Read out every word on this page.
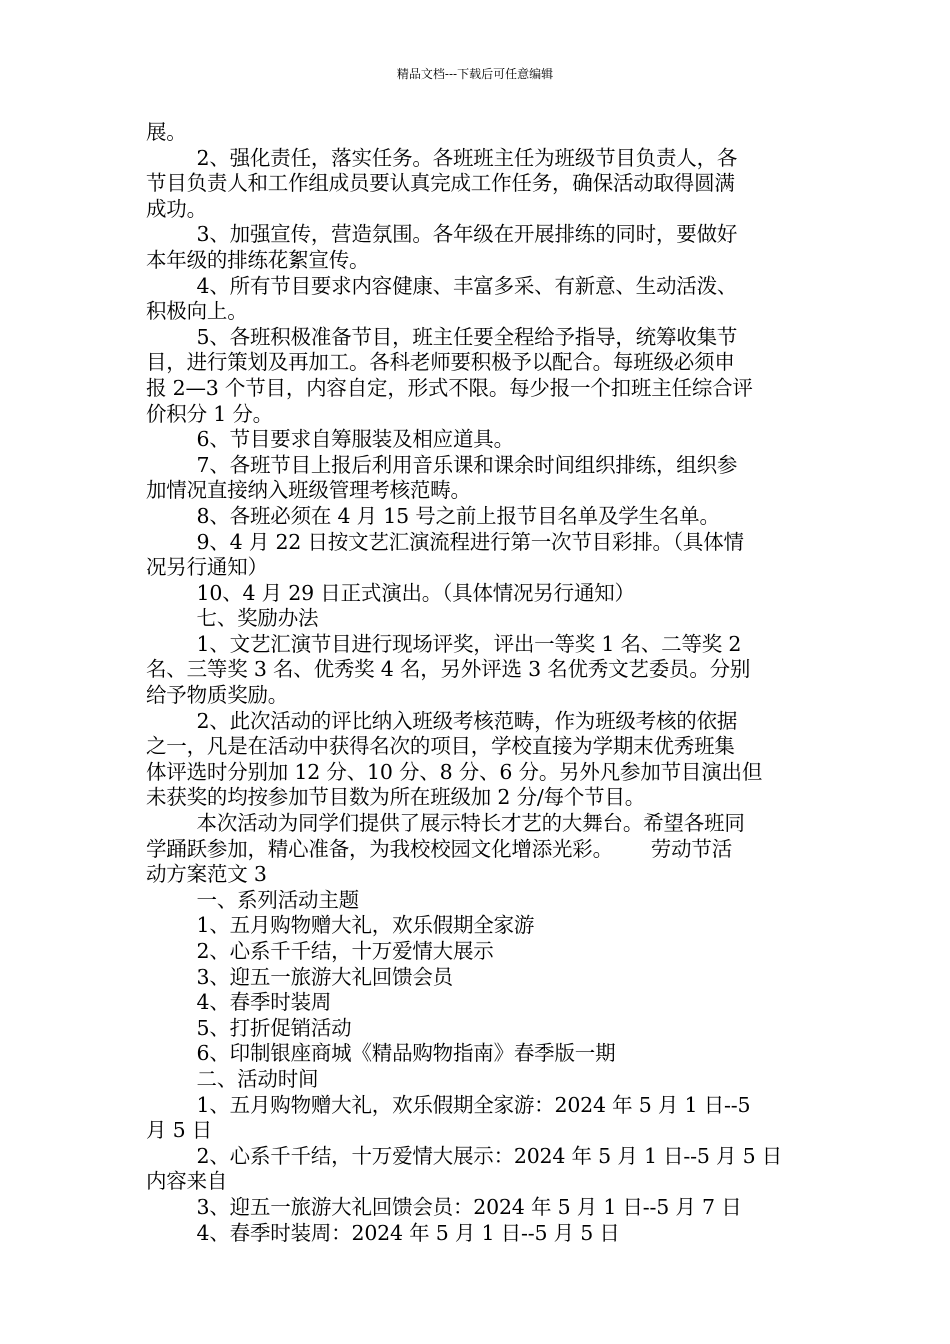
精品文档---下载后可任意编辑
展。
2、强化责任，落实任务。各班班主任为班级节目负责人，各
节目负责人和工作组成员要认真完成工作任务，确保活动取得圆满
成功。
3、加强宣传，营造氛围。各年级在开展排练的同时，要做好
本年级的排练花絮宣传。
4、所有节目要求内容健康、丰富多采、有新意、生动活泼、
积极向上。
5、各班积极准备节目，班主任要全程给予指导，统筹收集节
目，进行策划及再加工。各科老师要积极予以配合。每班级必须申
报 2—3 个节目，内容自定，形式不限。每少报一个扣班主任综合评
价积分 1 分。
6、节目要求自筹服装及相应道具。
7、各班节目上报后利用音乐课和课余时间组织排练，组织参
加情况直接纳入班级管理考核范畴。
8、各班必须在 4 月 15 号之前上报节目名单及学生名单。
9、4 月 22 日按文艺汇演流程进行第一次节目彩排。（具体情
况另行通知）
10、4 月 29 日正式演出。（具体情况另行通知）
七、奖励办法
1、文艺汇演节目进行现场评奖，评出一等奖 1 名、二等奖 2
名、三等奖 3 名、优秀奖 4 名，另外评选 3 名优秀文艺委员。分别
给予物质奖励。
2、此次活动的评比纳入班级考核范畴，作为班级考核的依据
之一，凡是在活动中获得名次的项目，学校直接为学期末优秀班集
体评选时分别加 12 分、10 分、8 分、6 分。另外凡参加节目演出但
未获奖的均按参加节目数为所在班级加 2 分/每个节目。
本次活动为同学们提供了展示特长才艺的大舞台。希望各班同
学踊跃参加，精心准备，为我校校园文化增添光彩。      劳动节活
动方案范文 3
一、系列活动主题
1、五月购物赠大礼，欢乐假期全家游
2、心系千千结，十万爱情大展示
3、迎五一旅游大礼回馈会员
4、春季时装周
5、打折促销活动
6、印制银座商城《精品购物指南》春季版一期
二、活动时间
1、五月购物赠大礼，欢乐假期全家游：2024 年 5 月 1 日--5
月 5 日
2、心系千千结，十万爱情大展示：2024 年 5 月 1 日--5 月 5 日
内容来自
3、迎五一旅游大礼回馈会员：2024 年 5 月 1 日--5 月 7 日
4、春季时装周：2024 年 5 月 1 日--5 月 5 日
